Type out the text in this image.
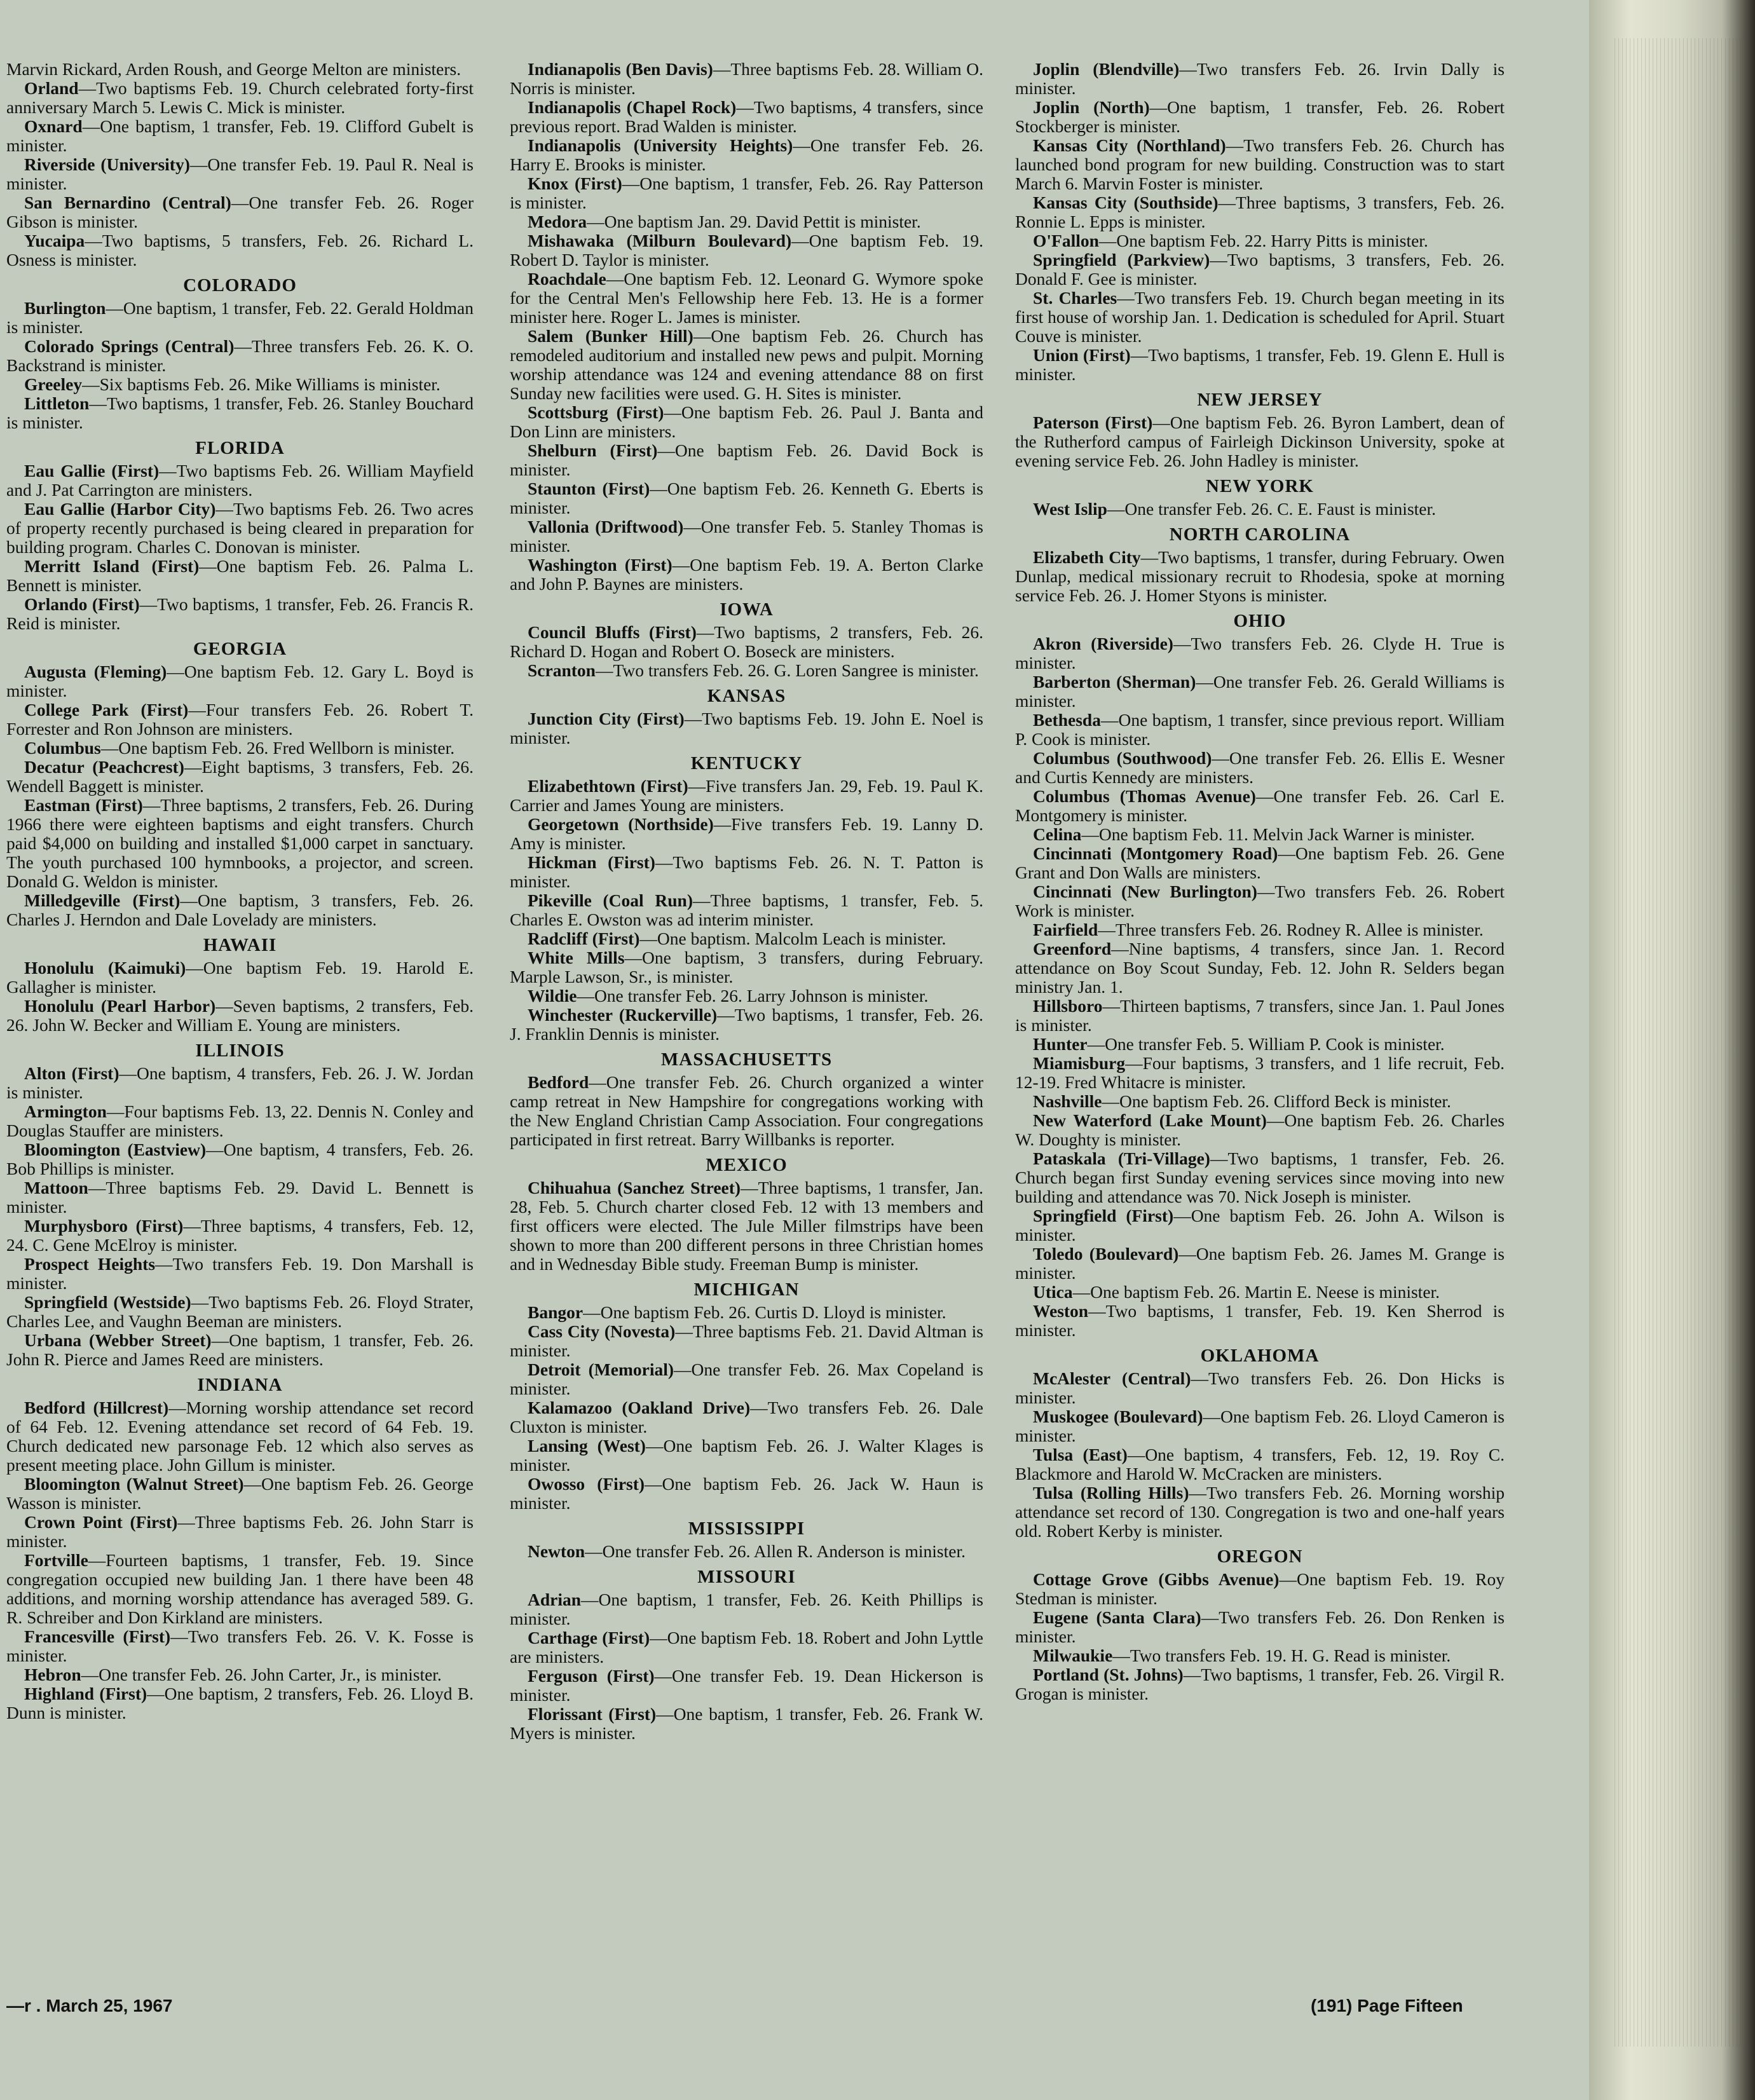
Marvin Rickard, Arden Roush, and George Melton are ministers.

Orland—Two baptisms Feb. 19. Church celebrated forty-first anniversary March 5. Lewis C. Mick is minister.

Oxnard—One baptism, 1 transfer, Feb. 19. Clifford Gubelt is minister.

Riverside (University)—One transfer Feb. 19. Paul R. Neal is minister.

San Bernardino (Central)—One transfer Feb. 26. Roger Gibson is minister.

Yucaipa—Two baptisms, 5 transfers, Feb. 26. Richard L. Osness is minister.

COLORADO

Burlington—One baptism, 1 transfer, Feb. 22. Gerald Holdman is minister.

Colorado Springs (Central)—Three transfers Feb. 26. K. O. Backstrand is minister.

Greeley—Six baptisms Feb. 26. Mike Williams is minister.

Littleton—Two baptisms, 1 transfer, Feb. 26. Stanley Bouchard is minister.

FLORIDA

Eau Gallie (First)—Two baptisms Feb. 26. William Mayfield and J. Pat Carrington are ministers.

Eau Gallie (Harbor City)—Two baptisms Feb. 26. Two acres of property recently purchased is being cleared in preparation for building program. Charles C. Donovan is minister.

Merritt Island (First)—One baptism Feb. 26. Palma L. Bennett is minister.

Orlando (First)—Two baptisms, 1 transfer, Feb. 26. Francis R. Reid is minister.

GEORGIA

Augusta (Fleming)—One baptism Feb. 12. Gary L. Boyd is minister.

College Park (First)—Four transfers Feb. 26. Robert T. Forrester and Ron Johnson are ministers.

Columbus—One baptism Feb. 26. Fred Wellborn is minister.

Decatur (Peachcrest)—Eight baptisms, 3 transfers, Feb. 26. Wendell Baggett is minister.

Eastman (First)—Three baptisms, 2 transfers, Feb. 26. During 1966 there were eighteen baptisms and eight transfers. Church paid $4,000 on building and installed $1,000 carpet in sanctuary. The youth purchased 100 hymnbooks, a projector, and screen. Donald G. Weldon is minister.

Milledgeville (First)—One baptism, 3 transfers, Feb. 26. Charles J. Herndon and Dale Lovelady are ministers.

HAWAII

Honolulu (Kaimuki)—One baptism Feb. 19. Harold E. Gallagher is minister.

Honolulu (Pearl Harbor)—Seven baptisms, 2 transfers, Feb. 26. John W. Becker and William E. Young are ministers.

ILLINOIS

Alton (First)—One baptism, 4 transfers, Feb. 26. J. W. Jordan is minister.

Armington—Four baptisms Feb. 13, 22. Dennis N. Conley and Douglas Stauffer are ministers.

Bloomington (Eastview)—One baptism, 4 transfers, Feb. 26. Bob Phillips is minister.

Mattoon—Three baptisms Feb. 29. David L. Bennett is minister.

Murphysboro (First)—Three baptisms, 4 transfers, Feb. 12, 24. C. Gene McElroy is minister.

Prospect Heights—Two transfers Feb. 19. Don Marshall is minister.

Springfield (Westside)—Two baptisms Feb. 26. Floyd Strater, Charles Lee, and Vaughn Beeman are ministers.

Urbana (Webber Street)—One baptism, 1 transfer, Feb. 26. John R. Pierce and James Reed are ministers.

INDIANA

Bedford (Hillcrest)—Morning worship attendance set record of 64 Feb. 12. Evening attendance set record of 64 Feb. 19. Church dedicated new parsonage Feb. 12 which also serves as present meeting place. John Gillum is minister.

Bloomington (Walnut Street)—One baptism Feb. 26. George Wasson is minister.

Crown Point (First)—Three baptisms Feb. 26. John Starr is minister.

Fortville—Fourteen baptisms, 1 transfer, Feb. 19. Since congregation occupied new building Jan. 1 there have been 48 additions, and morning worship attendance has averaged 589. G. R. Schreiber and Don Kirkland are ministers.

Francesville (First)—Two transfers Feb. 26. V. K. Fosse is minister.

Hebron—One transfer Feb. 26. John Carter, Jr., is minister.

Highland (First)—One baptism, 2 transfers, Feb. 26. Lloyd B. Dunn is minister.

Indianapolis (Ben Davis)—Three baptisms Feb. 28. William O. Norris is minister.

Indianapolis (Chapel Rock)—Two baptisms, 4 transfers, since previous report. Brad Walden is minister.

Indianapolis (University Heights)—One transfer Feb. 26. Harry E. Brooks is minister.

Knox (First)—One baptism, 1 transfer, Feb. 26. Ray Patterson is minister.

Medora—One baptism Jan. 29. David Pettit is minister.

Mishawaka (Milburn Boulevard)—One baptism Feb. 19. Robert D. Taylor is minister.

Roachdale—One baptism Feb. 12. Leonard G. Wymore spoke for the Central Men's Fellowship here Feb. 13. He is a former minister here. Roger L. James is minister.

Salem (Bunker Hill)—One baptism Feb. 26. Church has remodeled auditorium and installed new pews and pulpit. Morning worship attendance was 124 and evening attendance 88 on first Sunday new facilities were used. G. H. Sites is minister.

Scottsburg (First)—One baptism Feb. 26. Paul J. Banta and Don Linn are ministers.

Shelburn (First)—One baptism Feb. 26. David Bock is minister.

Staunton (First)—One baptism Feb. 26. Kenneth G. Eberts is minister.

Vallonia (Driftwood)—One transfer Feb. 5. Stanley Thomas is minister.

Washington (First)—One baptism Feb. 19. A. Berton Clarke and John P. Baynes are ministers.

IOWA

Council Bluffs (First)—Two baptisms, 2 transfers, Feb. 26. Richard D. Hogan and Robert O. Boseck are ministers.

Scranton—Two transfers Feb. 26. G. Loren Sangree is minister.

KANSAS

Junction City (First)—Two baptisms Feb. 19. John E. Noel is minister.

KENTUCKY

Elizabethtown (First)—Five transfers Jan. 29, Feb. 19. Paul K. Carrier and James Young are ministers.

Georgetown (Northside)—Five transfers Feb. 19. Lanny D. Amy is minister.

Hickman (First)—Two baptisms Feb. 26. N. T. Patton is minister.

Pikeville (Coal Run)—Three baptisms, 1 transfer, Feb. 5. Charles E. Owston was ad interim minister.

Radcliff (First)—One baptism. Malcolm Leach is minister.

White Mills—One baptism, 3 transfers, during February. Marple Lawson, Sr., is minister.

Wildie—One transfer Feb. 26. Larry Johnson is minister.

Winchester (Ruckerville)—Two baptisms, 1 transfer, Feb. 26. J. Franklin Dennis is minister.

MASSACHUSETTS

Bedford—One transfer Feb. 26. Church organized a winter camp retreat in New Hampshire for congregations working with the New England Christian Camp Association. Four congregations participated in first retreat. Barry Willbanks is reporter.

MEXICO

Chihuahua (Sanchez Street)—Three baptisms, 1 transfer, Jan. 28, Feb. 5. Church charter closed Feb. 12 with 13 members and first officers were elected. The Jule Miller filmstrips have been shown to more than 200 different persons in three Christian homes and in Wednesday Bible study. Freeman Bump is minister.

MICHIGAN

Bangor—One baptism Feb. 26. Curtis D. Lloyd is minister.

Cass City (Novesta)—Three baptisms Feb. 21. David Altman is minister.

Detroit (Memorial)—One transfer Feb. 26. Max Copeland is minister.

Kalamazoo (Oakland Drive)—Two transfers Feb. 26. Dale Cluxton is minister.

Lansing (West)—One baptism Feb. 26. J. Walter Klages is minister.

Owosso (First)—One baptism Feb. 26. Jack W. Haun is minister.

MISSISSIPPI

Newton—One transfer Feb. 26. Allen R. Anderson is minister.

MISSOURI

Adrian—One baptism, 1 transfer, Feb. 26. Keith Phillips is minister.

Carthage (First)—One baptism Feb. 18. Robert and John Lyttle are ministers.

Ferguson (First)—One transfer Feb. 19. Dean Hickerson is minister.

Florissant (First)—One baptism, 1 transfer, Feb. 26. Frank W. Myers is minister.

Joplin (Blendville)—Two transfers Feb. 26. Irvin Dally is minister.

Joplin (North)—One baptism, 1 transfer, Feb. 26. Robert Stockberger is minister.

Kansas City (Northland)—Two transfers Feb. 26. Church has launched bond program for new building. Construction was to start March 6. Marvin Foster is minister.

Kansas City (Southside)—Three baptisms, 3 transfers, Feb. 26. Ronnie L. Epps is minister.

O'Fallon—One baptism Feb. 22. Harry Pitts is minister.

Springfield (Parkview)—Two baptisms, 3 transfers, Feb. 26. Donald F. Gee is minister.

St. Charles—Two transfers Feb. 19. Church began meeting in its first house of worship Jan. 1. Dedication is scheduled for April. Stuart Couve is minister.

Union (First)—Two baptisms, 1 transfer, Feb. 19. Glenn E. Hull is minister.

NEW JERSEY

Paterson (First)—One baptism Feb. 26. Byron Lambert, dean of the Rutherford campus of Fairleigh Dickinson University, spoke at evening service Feb. 26. John Hadley is minister.

NEW YORK

West Islip—One transfer Feb. 26. C. E. Faust is minister.

NORTH CAROLINA

Elizabeth City—Two baptisms, 1 transfer, during February. Owen Dunlap, medical missionary recruit to Rhodesia, spoke at morning service Feb. 26. J. Homer Styons is minister.

OHIO

Akron (Riverside)—Two transfers Feb. 26. Clyde H. True is minister.

Barberton (Sherman)—One transfer Feb. 26. Gerald Williams is minister.

Bethesda—One baptism, 1 transfer, since previous report. William P. Cook is minister.

Columbus (Southwood)—One transfer Feb. 26. Ellis E. Wesner and Curtis Kennedy are ministers.

Columbus (Thomas Avenue)—One transfer Feb. 26. Carl E. Montgomery is minister.

Celina—One baptism Feb. 11. Melvin Jack Warner is minister.

Cincinnati (Montgomery Road)—One baptism Feb. 26. Gene Grant and Don Walls are ministers.

Cincinnati (New Burlington)—Two transfers Feb. 26. Robert Work is minister.

Fairfield—Three transfers Feb. 26. Rodney R. Allee is minister.

Greenford—Nine baptisms, 4 transfers, since Jan. 1. Record attendance on Boy Scout Sunday, Feb. 12. John R. Selders began ministry Jan. 1.

Hillsboro—Thirteen baptisms, 7 transfers, since Jan. 1. Paul Jones is minister.

Hunter—One transfer Feb. 5. William P. Cook is minister.

Miamisburg—Four baptisms, 3 transfers, and 1 life recruit, Feb. 12-19. Fred Whitacre is minister.

Nashville—One baptism Feb. 26. Clifford Beck is minister.

New Waterford (Lake Mount)—One baptism Feb. 26. Charles W. Doughty is minister.

Pataskala (Tri-Village)—Two baptisms, 1 transfer, Feb. 26. Church began first Sunday evening services since moving into new building and attendance was 70. Nick Joseph is minister.

Springfield (First)—One baptism Feb. 26. John A. Wilson is minister.

Toledo (Boulevard)—One baptism Feb. 26. James M. Grange is minister.

Utica—One baptism Feb. 26. Martin E. Neese is minister.

Weston—Two baptisms, 1 transfer, Feb. 19. Ken Sherrod is minister.

OKLAHOMA

McAlester (Central)—Two transfers Feb. 26. Don Hicks is minister.

Muskogee (Boulevard)—One baptism Feb. 26. Lloyd Cameron is minister.

Tulsa (East)—One baptism, 4 transfers, Feb. 12, 19. Roy C. Blackmore and Harold W. McCracken are ministers.

Tulsa (Rolling Hills)—Two transfers Feb. 26. Morning worship attendance set record of 130. Congregation is two and one-half years old. Robert Kerby is minister.

OREGON

Cottage Grove (Gibbs Avenue)—One baptism Feb. 19. Roy Stedman is minister.

Eugene (Santa Clara)—Two transfers Feb. 26. Don Renken is minister.

Milwaukie—Two transfers Feb. 19. H. G. Read is minister.

Portland (St. Johns)—Two baptisms, 1 transfer, Feb. 26. Virgil R. Grogan is minister.

—r . March 25, 1967	(191) Page Fifteen
